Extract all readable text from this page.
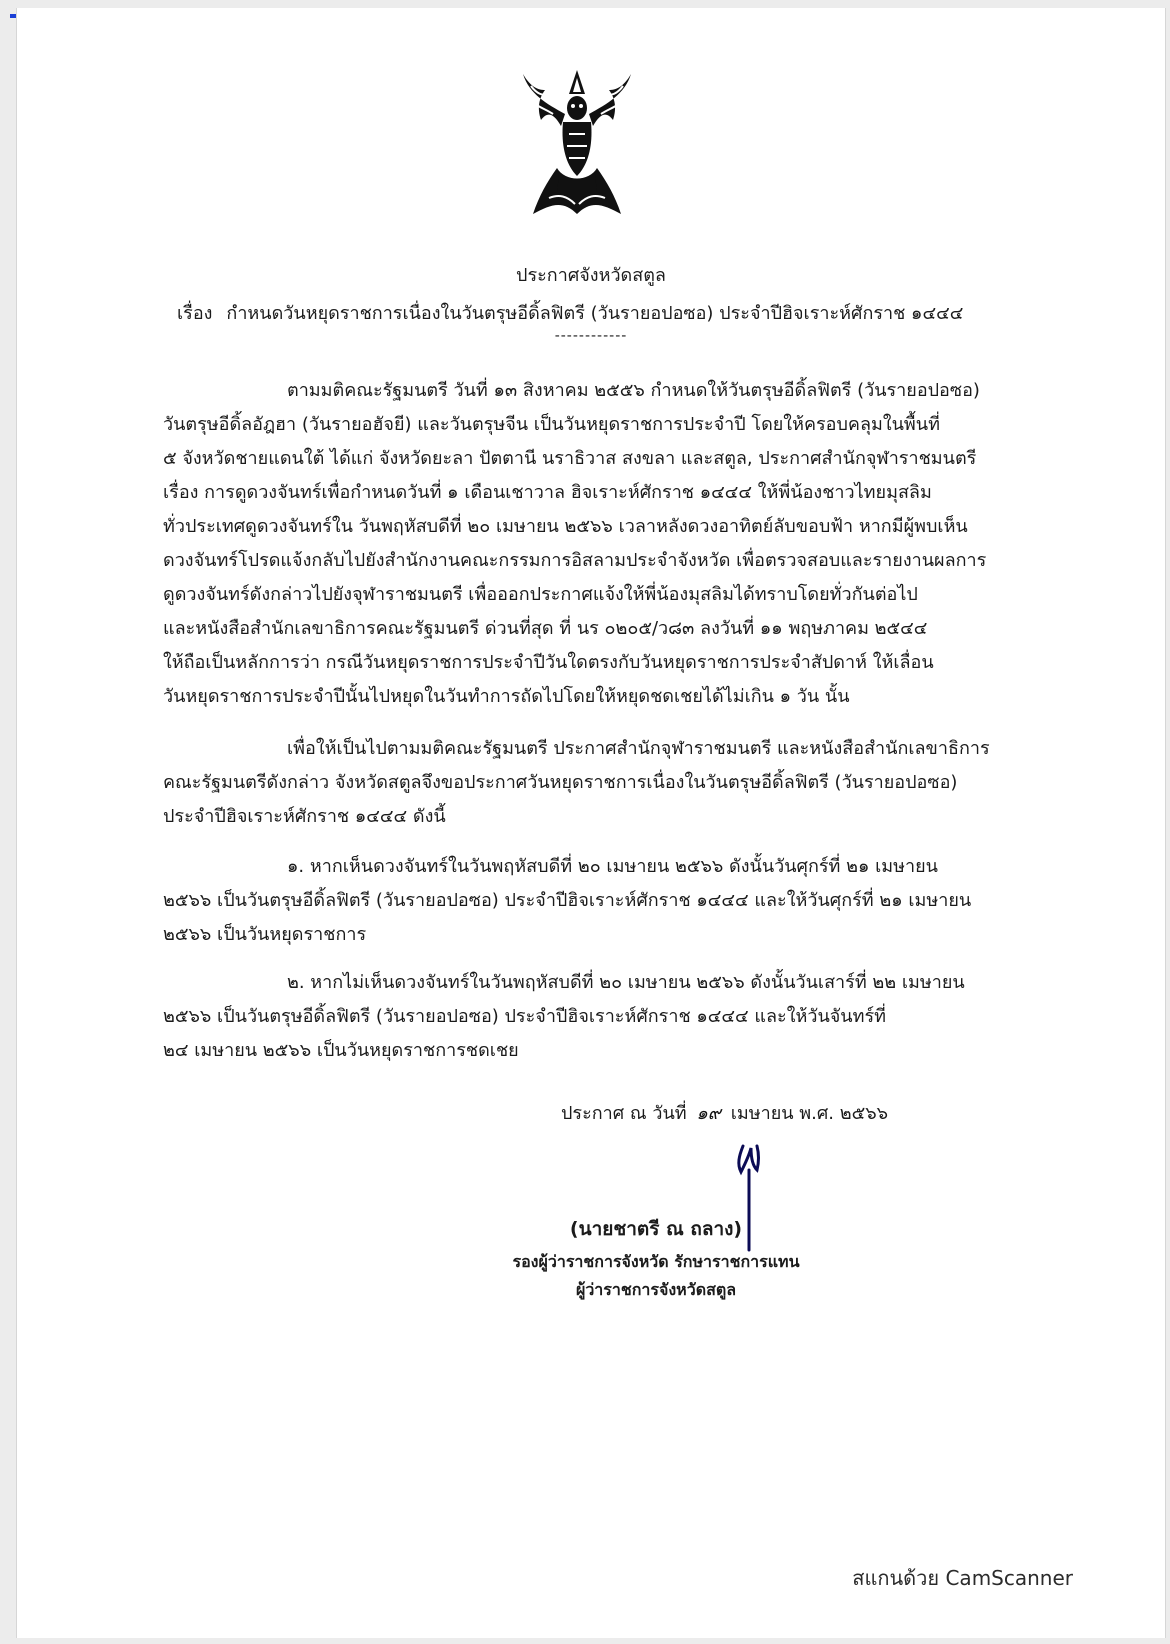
ประกาศจังหวัดสตูล
เรื่อง กำหนดวันหยุดราชการเนื่องในวันตรุษอีดิ้ลฟิตรี (วันรายอปอซอ) ประจำปีฮิจเราะห์ศักราช ๑๔๔๔
------------
ตามมติคณะรัฐมนตรี วันที่ ๑๓ สิงหาคม ๒๕๕๖ กำหนดให้วันตรุษอีดิ้ลฟิตรี (วันรายอปอซอ)
วันตรุษอีดิ้ลอัฎฮา (วันรายอฮัจยี) และวันตรุษจีน เป็นวันหยุดราชการประจำปี โดยให้ครอบคลุมในพื้นที่
๕ จังหวัดชายแดนใต้ ได้แก่ จังหวัดยะลา ปัตตานี นราธิวาส สงขลา และสตูล, ประกาศสำนักจุฬาราชมนตรี
เรื่อง การดูดวงจันทร์เพื่อกำหนดวันที่ ๑ เดือนเชาวาล ฮิจเราะห์ศักราช ๑๔๔๔ ให้พี่น้องชาวไทยมุสลิม
ทั่วประเทศดูดวงจันทร์ใน วันพฤหัสบดีที่ ๒๐ เมษายน ๒๕๖๖ เวลาหลังดวงอาทิตย์ลับขอบฟ้า หากมีผู้พบเห็น
ดวงจันทร์โปรดแจ้งกลับไปยังสำนักงานคณะกรรมการอิสลามประจำจังหวัด เพื่อตรวจสอบและรายงานผลการ
ดูดวงจันทร์ดังกล่าวไปยังจุฬาราชมนตรี เพื่อออกประกาศแจ้งให้พี่น้องมุสลิมได้ทราบโดยทั่วกันต่อไป
และหนังสือสำนักเลขาธิการคณะรัฐมนตรี ด่วนที่สุด ที่ นร ๐๒๐๕/ว๘๓ ลงวันที่ ๑๑ พฤษภาคม ๒๕๔๔
ให้ถือเป็นหลักการว่า กรณีวันหยุดราชการประจำปีวันใดตรงกับวันหยุดราชการประจำสัปดาห์ ให้เลื่อน
วันหยุดราชการประจำปีนั้นไปหยุดในวันทำการถัดไปโดยให้หยุดชดเชยได้ไม่เกิน ๑ วัน นั้น
เพื่อให้เป็นไปตามมติคณะรัฐมนตรี ประกาศสำนักจุฬาราชมนตรี และหนังสือสำนักเลขาธิการ
คณะรัฐมนตรีดังกล่าว จังหวัดสตูลจึงขอประกาศวันหยุดราชการเนื่องในวันตรุษอีดิ้ลฟิตรี (วันรายอปอซอ)
ประจำปีฮิจเราะห์ศักราช ๑๔๔๔ ดังนี้
๑. หากเห็นดวงจันทร์ในวันพฤหัสบดีที่ ๒๐ เมษายน ๒๕๖๖ ดังนั้นวันศุกร์ที่ ๒๑ เมษายน
๒๕๖๖ เป็นวันตรุษอีดิ้ลฟิตรี (วันรายอปอซอ) ประจำปีฮิจเราะห์ศักราช ๑๔๔๔ และให้วันศุกร์ที่ ๒๑ เมษายน
๒๕๖๖ เป็นวันหยุดราชการ
๒. หากไม่เห็นดวงจันทร์ในวันพฤหัสบดีที่ ๒๐ เมษายน ๒๕๖๖ ดังนั้นวันเสาร์ที่ ๒๒ เมษายน
๒๕๖๖ เป็นวันตรุษอีดิ้ลฟิตรี (วันรายอปอซอ) ประจำปีฮิจเราะห์ศักราช ๑๔๔๔ และให้วันจันทร์ที่
๒๔ เมษายน ๒๕๖๖ เป็นวันหยุดราชการชดเชย
ประกาศ ณ วันที่ ๑๙ เมษายน พ.ศ. ๒๕๖๖
(นายชาตรี ณ ถลาง)
รองผู้ว่าราชการจังหวัด รักษาราชการแทน
ผู้ว่าราชการจังหวัดสตูล
สแกนด้วย CamScanner
